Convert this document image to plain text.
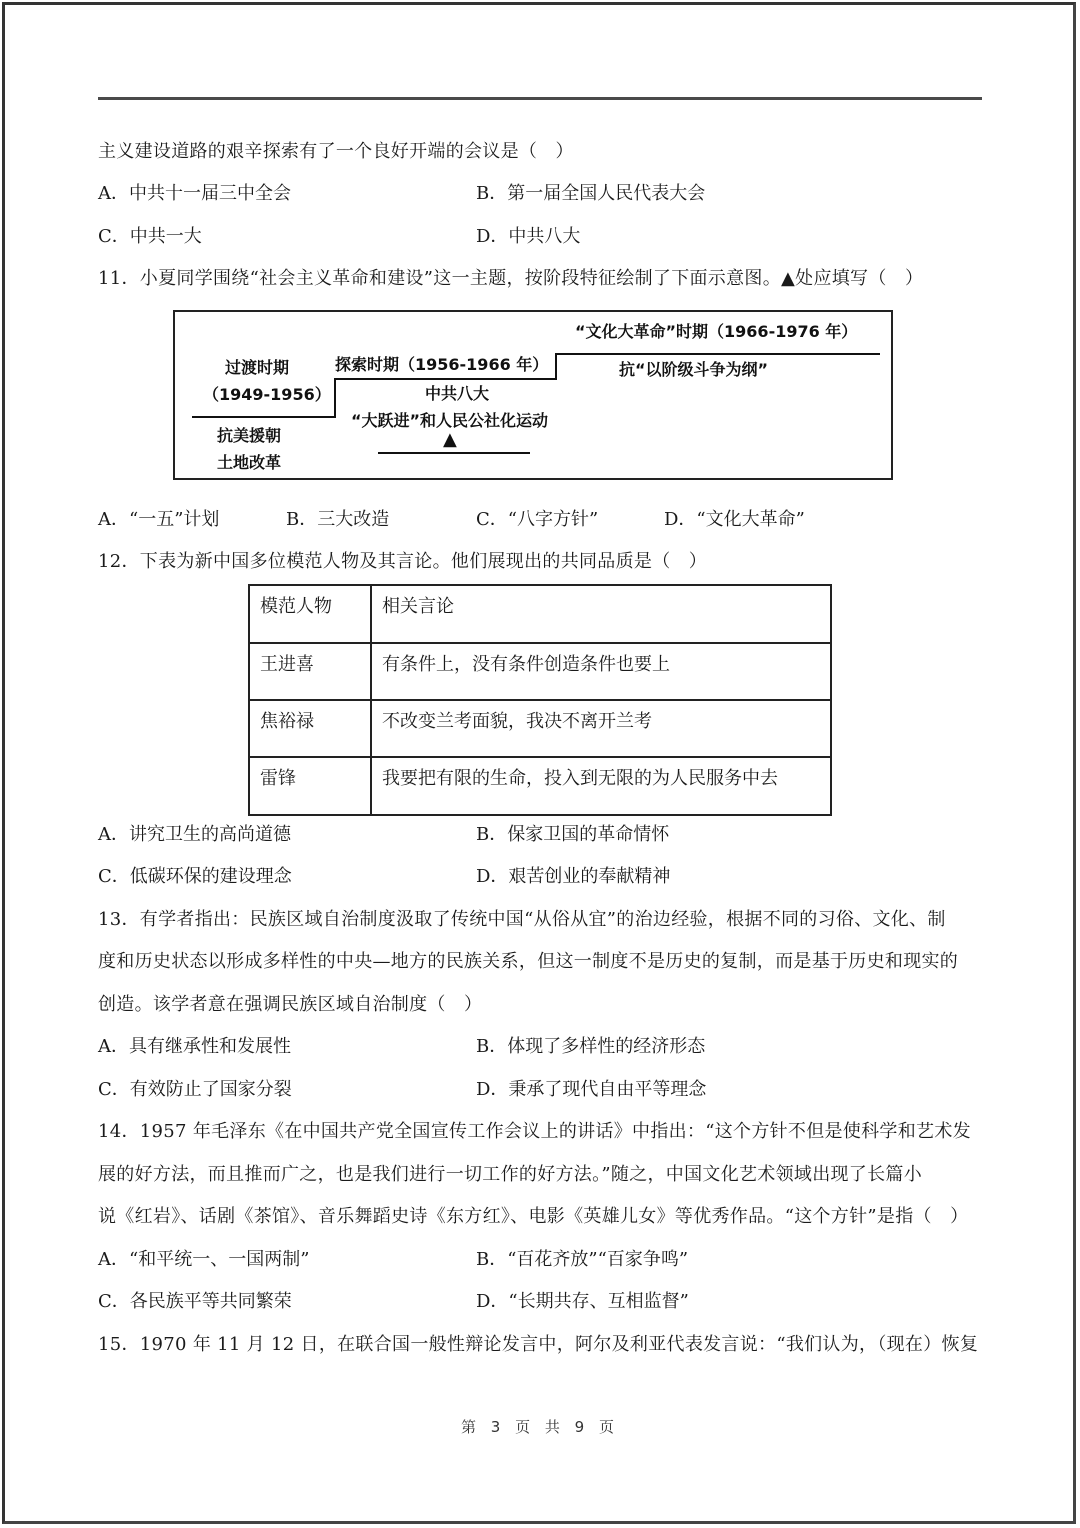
主义建设道路的艰辛探索有了一个良好开端的会议是（　）
A．中共十一届三中全会	B．第一届全国人民代表大会
C．中共一大	D．中共八大
11．小夏同学围绕“社会主义革命和建设”这一主题，按阶段特征绘制了下面示意图。▲处应填写（　）
过渡时期
（1949-1956）
抗美援朝
土地改革
探索时期（1956-1966 年）
中共八大
“大跃进”和人民公社化运动
▲
“文化大革命”时期（1966-1976 年）
抗“以阶级斗争为纲”
A．“一五”计划	B．三大改造	C．“八字方针”	D．“文化大革命”
12．下表为新中国多位模范人物及其言论。他们展现出的共同品质是（　）
模范人物	相关言论
王进喜	有条件上，没有条件创造条件也要上
焦裕禄	不改变兰考面貌，我决不离开兰考
雷锋	我要把有限的生命，投入到无限的为人民服务中去
A．讲究卫生的高尚道德	B．保家卫国的革命情怀
C．低碳环保的建设理念	D．艰苦创业的奉献精神
13．有学者指出：民族区域自治制度汲取了传统中国“从俗从宜”的治边经验，根据不同的习俗、文化、制
度和历史状态以形成多样性的中央—地方的民族关系，但这一制度不是历史的复制，而是基于历史和现实的
创造。该学者意在强调民族区域自治制度（　）
A．具有继承性和发展性	B．体现了多样性的经济形态
C．有效防止了国家分裂	D．秉承了现代自由平等理念
14．1957 年毛泽东《在中国共产党全国宣传工作会议上的讲话》中指出：“这个方针不但是使科学和艺术发
展的好方法，而且推而广之，也是我们进行一切工作的好方法。”随之，中国文化艺术领域出现了长篇小
说《红岩》、话剧《茶馆》、音乐舞蹈史诗《东方红》、电影《英雄儿女》等优秀作品。“这个方针”是指（　）
A．“和平统一、一国两制”	B．“百花齐放”“百家争鸣”
C．各民族平等共同繁荣	D．“长期共存、互相监督”
15．1970 年 11 月 12 日，在联合国一般性辩论发言中，阿尔及利亚代表发言说：“我们认为，（现在）恢复
第 3 页 共 9 页
